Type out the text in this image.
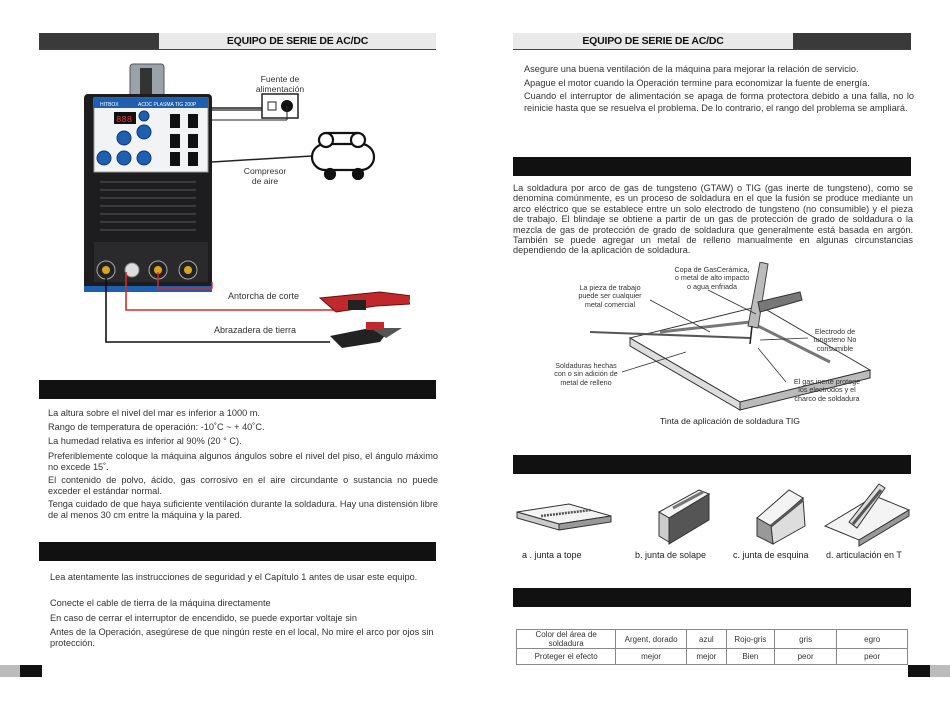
EQUIPO DE SERIE DE AC/DC
HITBOX	ACDC PLASMA TIG 200P
888
Fuente de
alimentación
Compresor
de aire
Antorcha de corte
Abrazadera de tierra
La altura sobre el nivel del mar es inferior a 1000 m.
Rango de temperatura de operación: -10˚C ~ + 40˚C.
La humedad relativa es inferior al 90% (20 ° C).
Preferiblemente coloque la máquina algunos ángulos sobre el nivel del piso, el ángulo máximo no excede 15˚.
El contenido de polvo, ácido, gas corrosivo en el aire circundante o sustancia no puede exceder el estándar normal.
Tenga cuidado de que haya suficiente ventilación durante la soldadura. Hay una distensión libre de al menos 30 cm entre la máquina y la pared.
Lea atentamente las instrucciones de seguridad y el Capítulo 1 antes de usar este equipo.
Conecte el cable de tierra de la máquina directamente
En caso de cerrar el interruptor de encendido, se puede exportar voltaje sin
Antes de la Operación, asegúrese de que ningún reste en el local, No mire el arco por ojos sin protección.
EQUIPO DE SERIE DE AC/DC
Asegure una buena ventilación de la máquina para mejorar la relación de servicio.
Apague el motor cuando la Operación termine para economizar la fuente de energía.
Cuando el interruptor de alimentación se apaga de forma protectora debido a una falla, no lo reinicie hasta que se resuelva el problema. De lo contrario, el rango del problema se ampliará.
La soldadura por arco de gas de tungsteno (GTAW) o TIG (gas inerte de tungsteno), como se denomina comúnmente, es un proceso de soldadura en el que la fusión se produce mediante un arco eléctrico que se establece entre un solo electrodo de tungsteno (no consumible) y el pieza de trabajo. El blindaje se obtiene a partir de un gas de protección de grado de soldadura o la mezcla de gas de protección de grado de soldadura que generalmente está basada en argón. También se puede agregar un metal de relleno manualmente en algunas circunstancias dependiendo de la aplicación de soldadura.
La pieza de trabajo
puede ser cualquier
metal comercial
Copa de GasCerámica,
o metal de alto impacto
o agua enfriada
Electrodo de
tungsteno No
consumible
Soldaduras hechas
con o sin adición de
metal de relleno	El gas inerte protege
los electrodos y el
charco de soldadura
Tinta de aplicación de soldadura TIG
a . junta a tope	b. junta de solape	c. junta de esquina d. articulación en T
Color del área de soldadura	Argent, dorado	azul	Rojo-gris	gris	egro
Proteger el efecto	mejor	mejor	Bien	peor	peor
